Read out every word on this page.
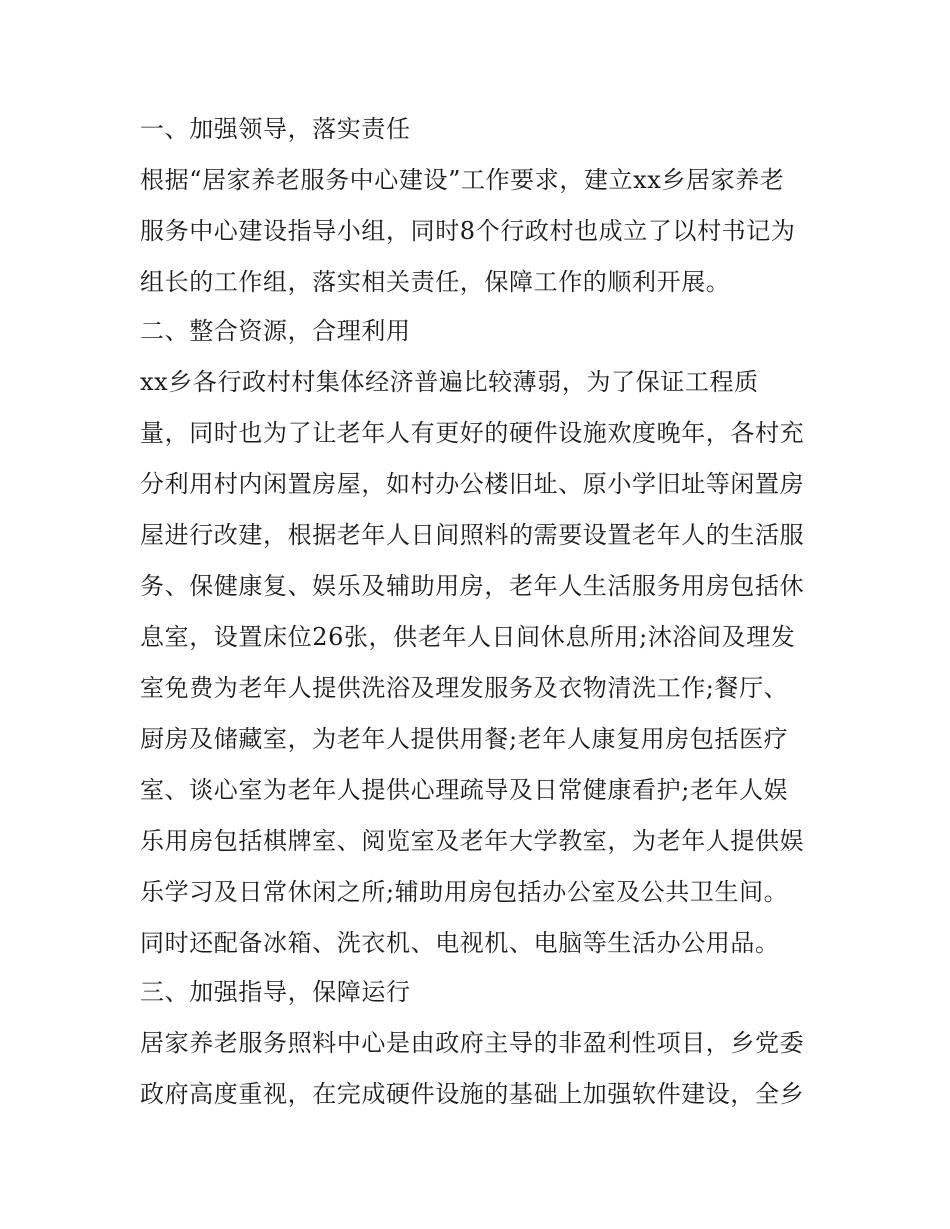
一、加强领导，落实责任

根据“居家养老服务中心建设”工作要求，建立xx乡居家养老

服务中心建设指导小组，同时8个行政村也成立了以村书记为

组长的工作组，落实相关责任，保障工作的顺利开展。

二、整合资源，合理利用

xx乡各行政村村集体经济普遍比较薄弱，为了保证工程质

量，同时也为了让老年人有更好的硬件设施欢度晚年，各村充

分利用村内闲置房屋，如村办公楼旧址、原小学旧址等闲置房

屋进行改建，根据老年人日间照料的需要设置老年人的生活服

务、保健康复、娱乐及辅助用房，老年人生活服务用房包括休

息室，设置床位26张，供老年人日间休息所用;沐浴间及理发

室免费为老年人提供洗浴及理发服务及衣物清洗工作;餐厅、

厨房及储藏室，为老年人提供用餐;老年人康复用房包括医疗

室、谈心室为老年人提供心理疏导及日常健康看护;老年人娱

乐用房包括棋牌室、阅览室及老年大学教室，为老年人提供娱

乐学习及日常休闲之所;辅助用房包括办公室及公共卫生间。

同时还配备冰箱、洗衣机、电视机、电脑等生活办公用品。

三、加强指导，保障运行

居家养老服务照料中心是由政府主导的非盈利性项目，乡党委

政府高度重视，在完成硬件设施的基础上加强软件建设，全乡
